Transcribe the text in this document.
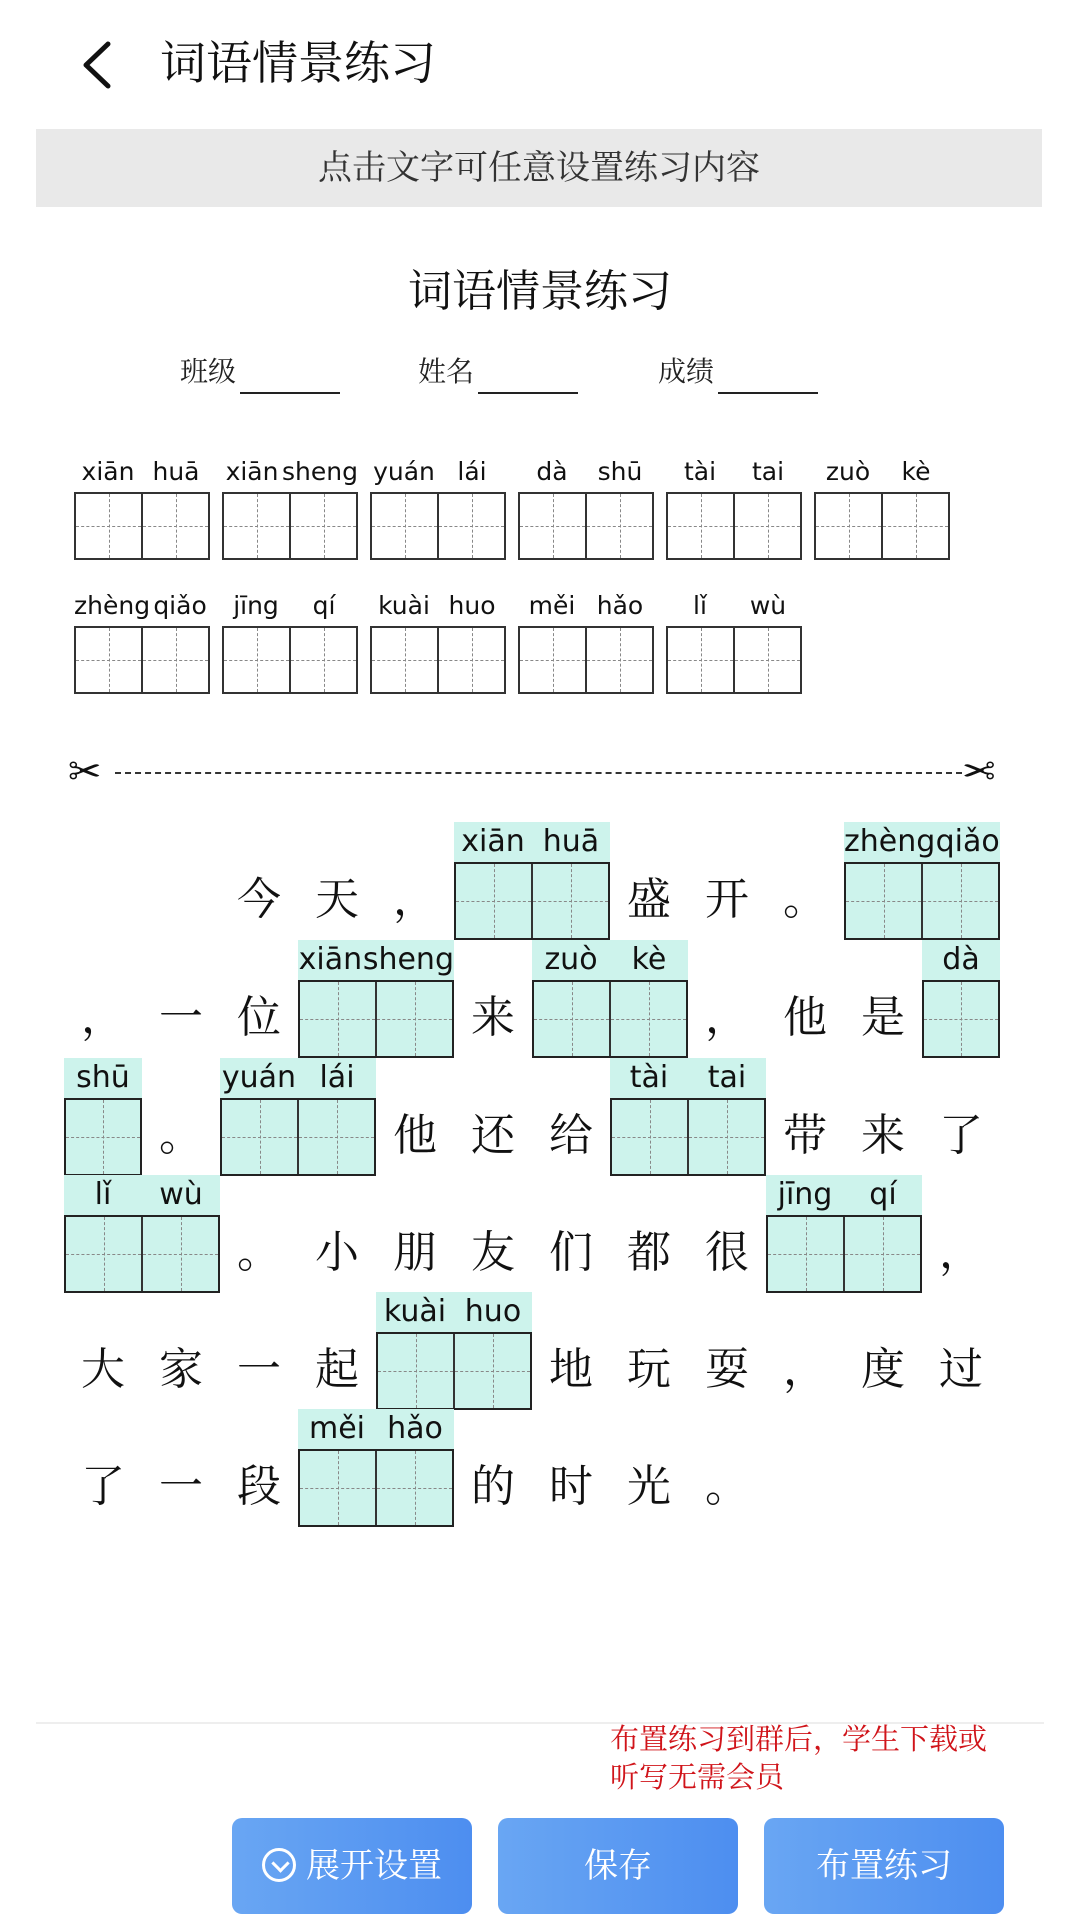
词语情景练习
点击文字可任意设置练习内容
词语情景练习
班级	姓名	成绩
xiān huā	xiān sheng yuán lái	dà	shū	tài	tai	zuò	kè
zhèng qiǎo	jīng	qí	kuài huo	měi hǎo	lǐ	wù
✂	✂
今 天 ，
xiān huā
盛 开 。
zhèng qiǎo
， 一 位
xiān sheng
来
zuò	kè
， 他 是
dà
shū
。
yuán lái
他 还 给
tài	tai
带 来 了
lǐ	wù
。 小 朋 友 们 都 很
jīng	qí
，
大 家 一 起
kuài huo
地 玩 耍 ， 度 过
了 一 段
měi hǎo
的 时 光 。
布置练习到群后，学生下载或听写无需会员
展开设置	保存	布置练习
